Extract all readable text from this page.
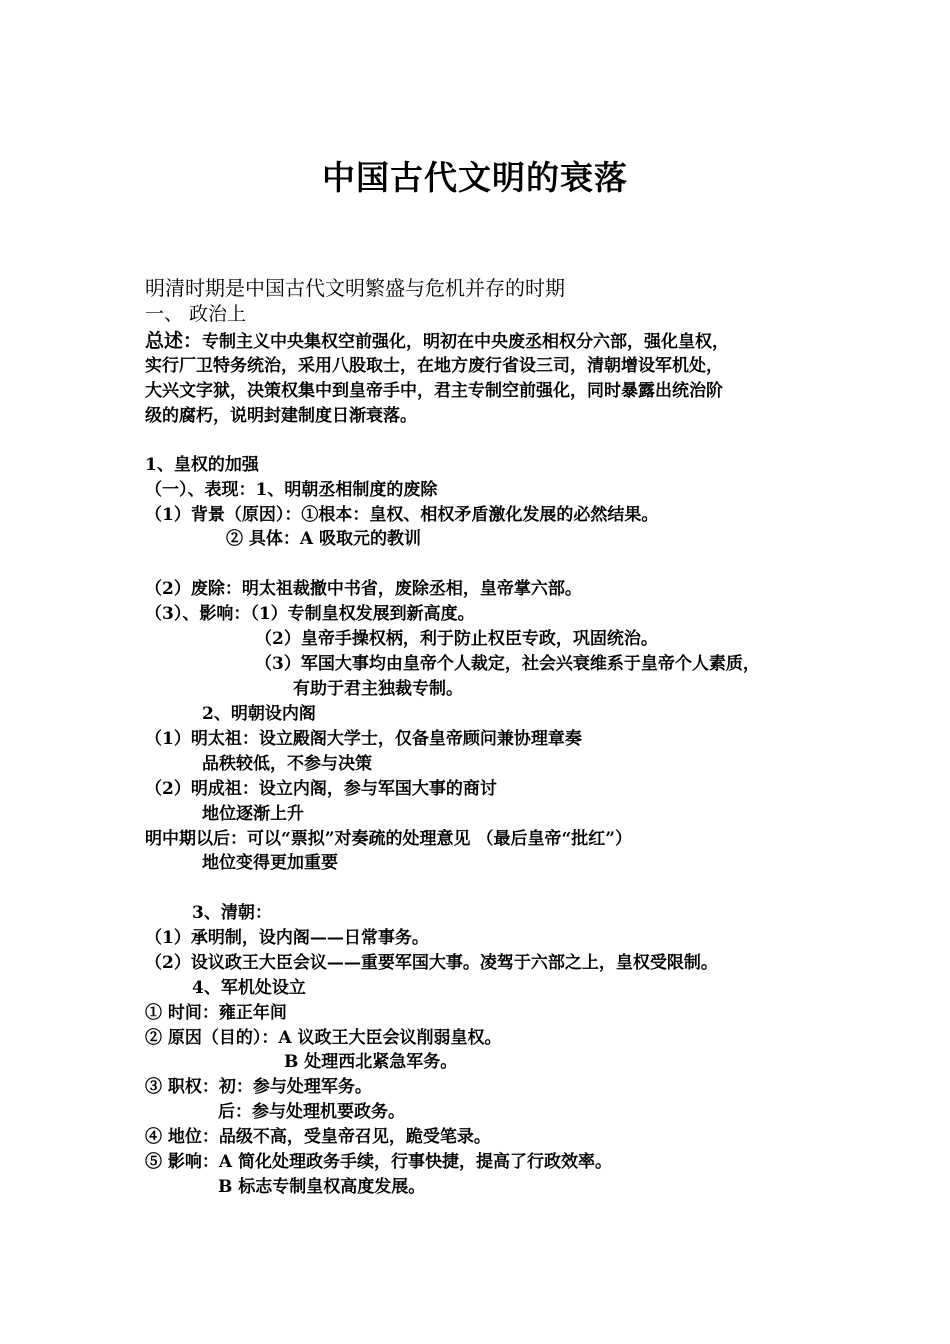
中国古代文明的衰落
明清时期是中国古代文明繁盛与危机并存的时期
一、 政治上
总述：专制主义中央集权空前强化，明初在中央废丞相权分六部，强化皇权，
实行厂卫特务统治，采用八股取士，在地方废行省设三司，清朝增设军机处，
大兴文字狱，决策权集中到皇帝手中，君主专制空前强化，同时暴露出统治阶
级的腐朽，说明封建制度日渐衰落。
1、皇权的加强
（一）、表现：1、明朝丞相制度的废除
（1）背景（原因）：①根本：皇权、相权矛盾激化发展的必然结果。
② 具体：A 吸取元的教训
（2）废除：明太祖裁撤中书省，废除丞相，皇帝掌六部。
（3）、影响：（1）专制皇权发展到新高度。
（2）皇帝手操权柄，利于防止权臣专政，巩固统治。
（3）军国大事均由皇帝个人裁定，社会兴衰维系于皇帝个人素质，
有助于君主独裁专制。
2、明朝设内阁
（1）明太祖：设立殿阁大学士，仅备皇帝顾问兼协理章奏
品秩较低，不参与决策
（2）明成祖：设立内阁，参与军国大事的商讨
地位逐渐上升
明中期以后：可以“票拟”对奏疏的处理意见 （最后皇帝“批红”）
地位变得更加重要
3、清朝：
（1）承明制，设内阁——日常事务。
（2）设议政王大臣会议——重要军国大事。凌驾于六部之上，皇权受限制。
4、军机处设立
① 时间：雍正年间
② 原因（目的）：A 议政王大臣会议削弱皇权。
B 处理西北紧急军务。
③ 职权：初：参与处理军务。
后：参与处理机要政务。
④ 地位：品级不高，受皇帝召见，跪受笔录。
⑤ 影响：A 简化处理政务手续，行事快捷，提高了行政效率。
B 标志专制皇权高度发展。
